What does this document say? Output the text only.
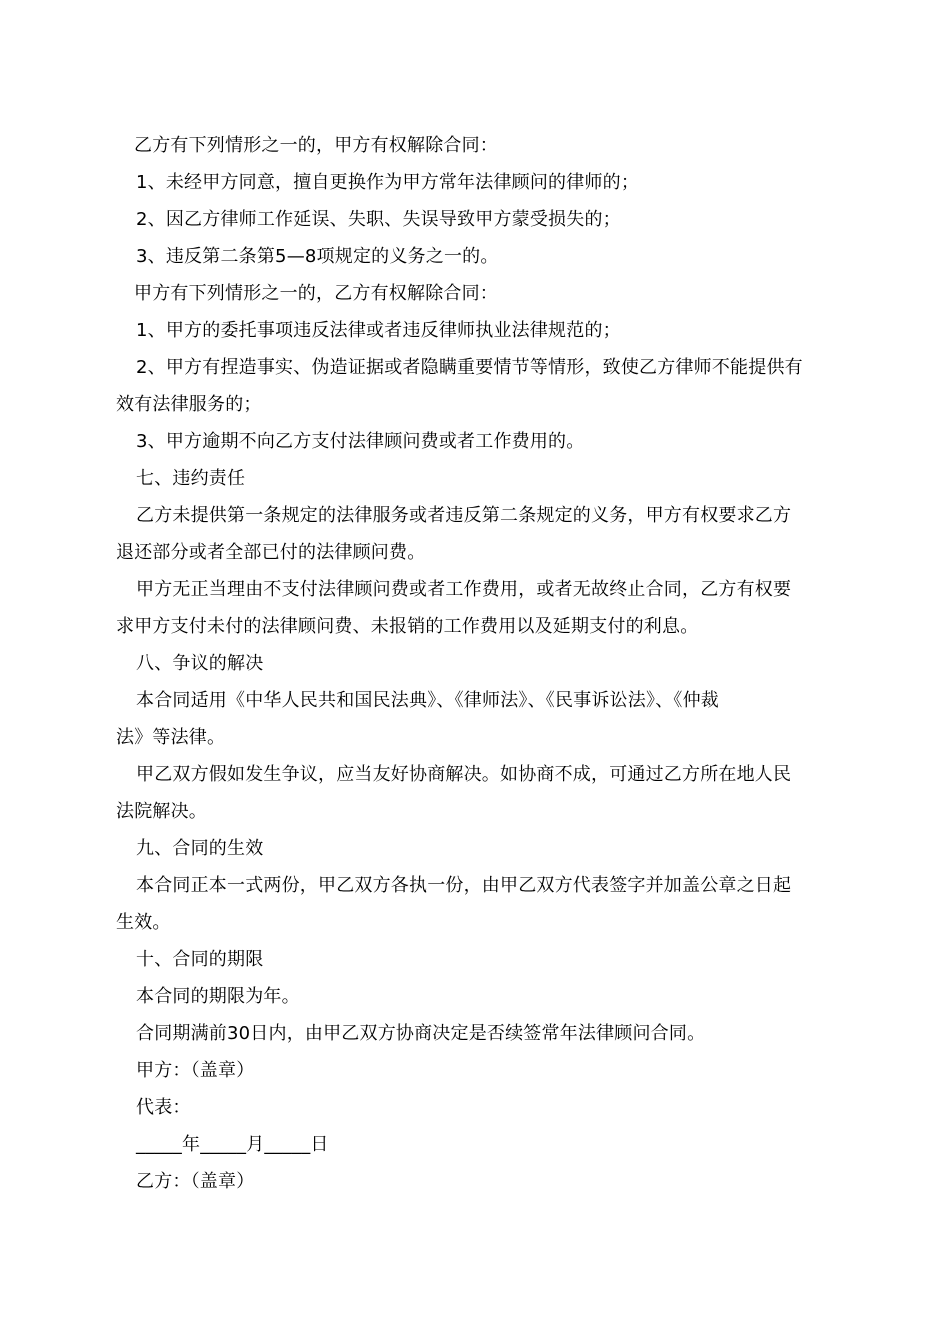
乙方有下列情形之一的，甲方有权解除合同：
1、未经甲方同意，擅自更换作为甲方常年法律顾问的律师的；
2、因乙方律师工作延误、失职、失误导致甲方蒙受损失的；
3、违反第二条第5—8项规定的义务之一的。
甲方有下列情形之一的，乙方有权解除合同：
1、甲方的委托事项违反法律或者违反律师执业法律规范的；
2、甲方有捏造事实、伪造证据或者隐瞒重要情节等情形，致使乙方律师不能提供有
效有法律服务的；
3、甲方逾期不向乙方支付法律顾问费或者工作费用的。
七、违约责任
乙方未提供第一条规定的法律服务或者违反第二条规定的义务，甲方有权要求乙方
退还部分或者全部已付的法律顾问费。
甲方无正当理由不支付法律顾问费或者工作费用，或者无故终止合同，乙方有权要
求甲方支付未付的法律顾问费、未报销的工作费用以及延期支付的利息。
八、争议的解决
本合同适用《中华人民共和国民法典》、《律师法》、《民事诉讼法》、《仲裁
法》等法律。
甲乙双方假如发生争议，应当友好协商解决。如协商不成，可通过乙方所在地人民
法院解决。
九、合同的生效
本合同正本一式两份，甲乙双方各执一份，由甲乙双方代表签字并加盖公章之日起
生效。
十、合同的期限
本合同的期限为年。
合同期满前30日内，由甲乙双方协商决定是否续签常年法律顾问合同。
甲方：（盖章）
代表：
_____年_____月_____日
乙方：（盖章）
